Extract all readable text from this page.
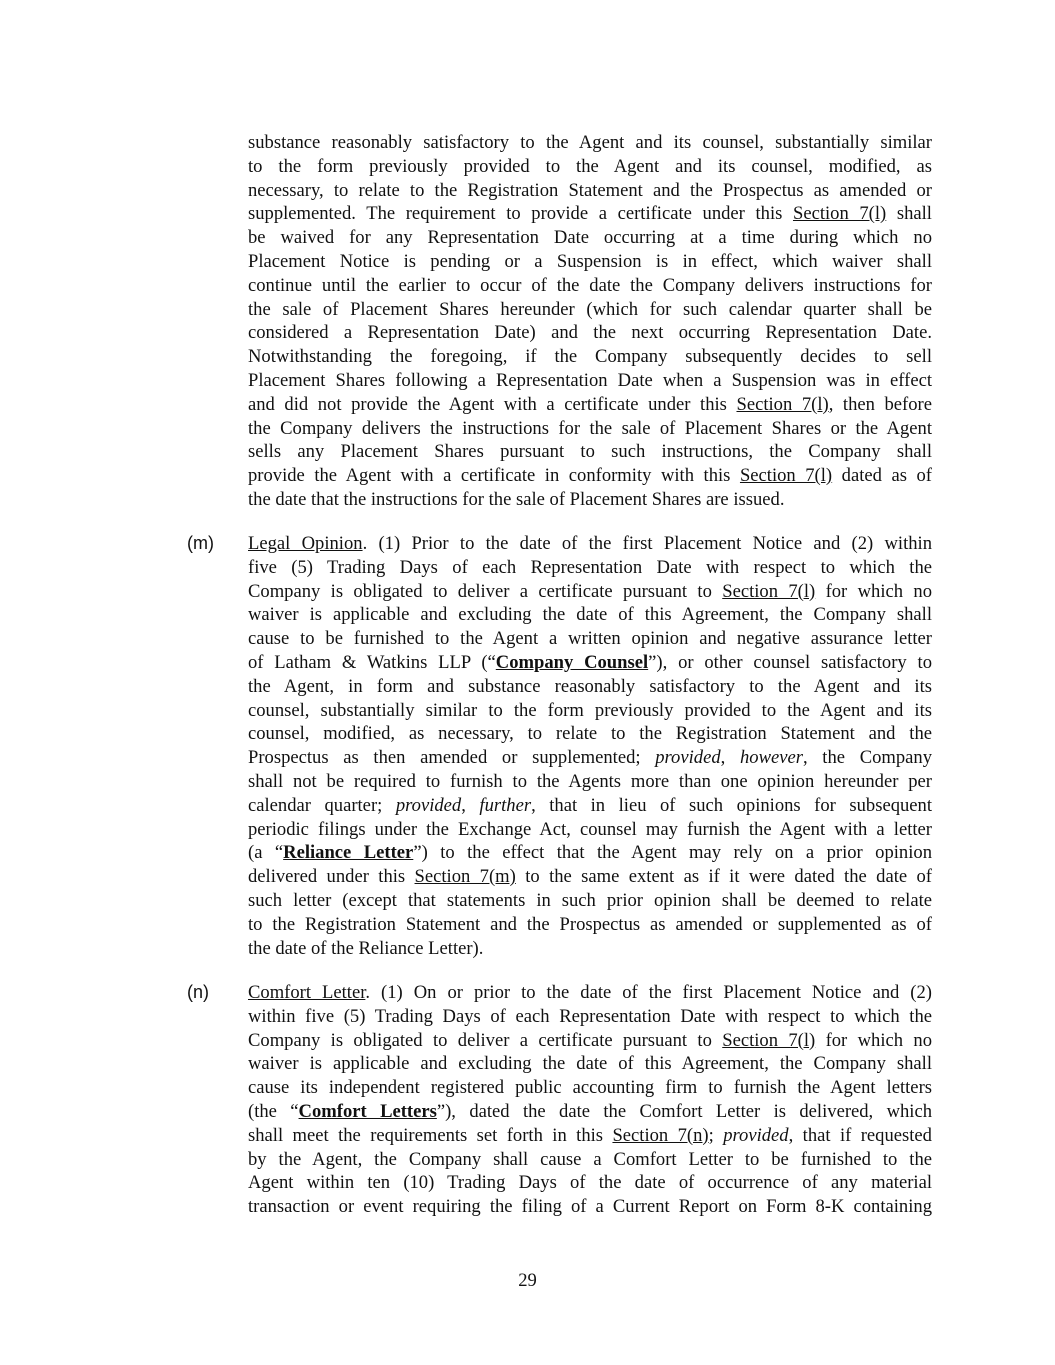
(m)
(n)
substance reasonably satisfactory to the Agent and its counsel, substantially similar
to the form previously provided to the Agent and its counsel, modified, as
necessary, to relate to the Registration Statement and the Prospectus as amended or
supplemented. The requirement to provide a certificate under this Section 7(l) shall
be waived for any Representation Date occurring at a time during which no
Placement Notice is pending or a Suspension is in effect, which waiver shall
continue until the earlier to occur of the date the Company delivers instructions for
the sale of Placement Shares hereunder (which for such calendar quarter shall be
considered a Representation Date) and the next occurring Representation Date.
Notwithstanding the foregoing, if the Company subsequently decides to sell
Placement Shares following a Representation Date when a Suspension was in effect
and did not provide the Agent with a certificate under this Section 7(l), then before
the Company delivers the instructions for the sale of Placement Shares or the Agent
sells any Placement Shares pursuant to such instructions, the Company shall
provide the Agent with a certificate in conformity with this Section 7(l) dated as of
the date that the instructions for the sale of Placement Shares are issued.
Legal Opinion. (1) Prior to the date of the first Placement Notice and (2) within
five (5) Trading Days of each Representation Date with respect to which the
Company is obligated to deliver a certificate pursuant to Section 7(l) for which no
waiver is applicable and excluding the date of this Agreement, the Company shall
cause to be furnished to the Agent a written opinion and negative assurance letter
of Latham & Watkins LLP (“Company Counsel”), or other counsel satisfactory to
the Agent, in form and substance reasonably satisfactory to the Agent and its
counsel, substantially similar to the form previously provided to the Agent and its
counsel, modified, as necessary, to relate to the Registration Statement and the
Prospectus as then amended or supplemented; provided, however, the Company
shall not be required to furnish to the Agents more than one opinion hereunder per
calendar quarter; provided, further, that in lieu of such opinions for subsequent
periodic filings under the Exchange Act, counsel may furnish the Agent with a letter
(a “Reliance Letter”) to the effect that the Agent may rely on a prior opinion
delivered under this Section 7(m) to the same extent as if it were dated the date of
such letter (except that statements in such prior opinion shall be deemed to relate
to the Registration Statement and the Prospectus as amended or supplemented as of
the date of the Reliance Letter).
Comfort Letter. (1) On or prior to the date of the first Placement Notice and (2)
within five (5) Trading Days of each Representation Date with respect to which the
Company is obligated to deliver a certificate pursuant to Section 7(l) for which no
waiver is applicable and excluding the date of this Agreement, the Company shall
cause its independent registered public accounting firm to furnish the Agent letters
(the “Comfort Letters”), dated the date the Comfort Letter is delivered, which
shall meet the requirements set forth in this Section 7(n); provided, that if requested
by the Agent, the Company shall cause a Comfort Letter to be furnished to the
Agent within ten (10) Trading Days of the date of occurrence of any material
transaction or event requiring the filing of a Current Report on Form 8-K containing
29
